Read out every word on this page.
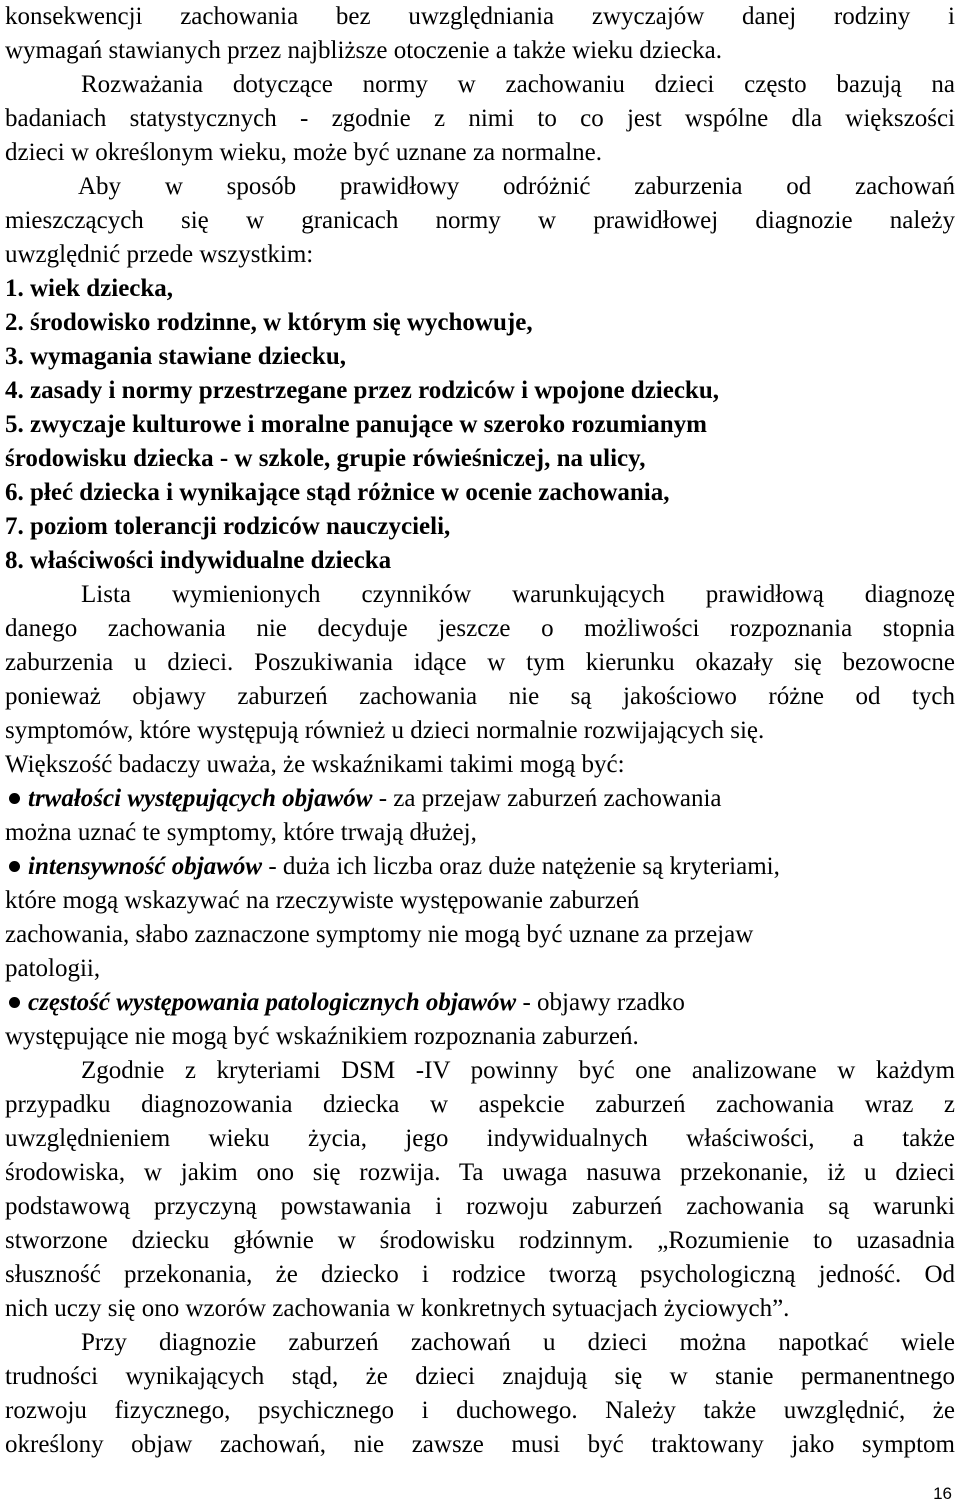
konsekwencji zachowania bez uwzględniania zwyczajów danej rodziny i
wymagań stawianych przez najbliższe otoczenie a także wieku dziecka.
Rozważania dotyczące normy w zachowaniu dzieci często bazują na
badaniach statystycznych - zgodnie z nimi to co jest wspólne dla większości
dzieci w określonym wieku, może być uznane za normalne.
Aby w sposób prawidłowy odróżnić zaburzenia od zachowań
mieszczących się w granicach normy w prawidłowej diagnozie należy
uwzględnić przede wszystkim:
1. wiek dziecka,
2. środowisko rodzinne, w którym się wychowuje,
3. wymagania stawiane dziecku,
4. zasady i normy przestrzegane przez rodziców i wpojone dziecku,
5. zwyczaje kulturowe i moralne panujące w szeroko rozumianym
środowisku dziecka - w szkole, grupie rówieśniczej, na ulicy,
6. płeć dziecka i wynikające stąd różnice w ocenie zachowania,
7. poziom tolerancji rodziców nauczycieli,
8. właściwości indywidualne dziecka
Lista wymienionych czynników warunkujących prawidłową diagnozę
danego zachowania nie decyduje jeszcze o możliwości rozpoznania stopnia
zaburzenia u dzieci. Poszukiwania idące w tym kierunku okazały się bezowocne
ponieważ objawy zaburzeń zachowania nie są jakościowo różne od tych
symptomów, które występują również u dzieci normalnie rozwijających się.
Większość badaczy uważa, że wskaźnikami takimi mogą być:
trwałości występujących objawów - za przejaw zaburzeń zachowania
można uznać te symptomy, które trwają dłużej,
intensywność objawów - duża ich liczba oraz duże natężenie są kryteriami,
które mogą wskazywać na rzeczywiste występowanie zaburzeń
zachowania, słabo zaznaczone symptomy nie mogą być uznane za przejaw
patologii,
częstość występowania patologicznych objawów - objawy rzadko
występujące nie mogą być wskaźnikiem rozpoznania zaburzeń.
Zgodnie z kryteriami DSM -IV powinny być one analizowane w każdym
przypadku diagnozowania dziecka w aspekcie zaburzeń zachowania wraz z
uwzględnieniem wieku życia, jego indywidualnych właściwości, a także
środowiska, w jakim ono się rozwija. Ta uwaga nasuwa przekonanie, iż u dzieci
podstawową przyczyną powstawania i rozwoju zaburzeń zachowania są warunki
stworzone dziecku głównie w środowisku rodzinnym. „Rozumienie to uzasadnia
słuszność przekonania, że dziecko i rodzice tworzą psychologiczną jedność. Od
nich uczy się ono wzorów zachowania w konkretnych sytuacjach życiowych”.
Przy diagnozie zaburzeń zachowań u dzieci można napotkać wiele
trudności wynikających stąd, że dzieci znajdują się w stanie permanentnego
rozwoju fizycznego, psychicznego i duchowego. Należy także uwzględnić, że
określony objaw zachowań, nie zawsze musi być traktowany jako symptom
16
